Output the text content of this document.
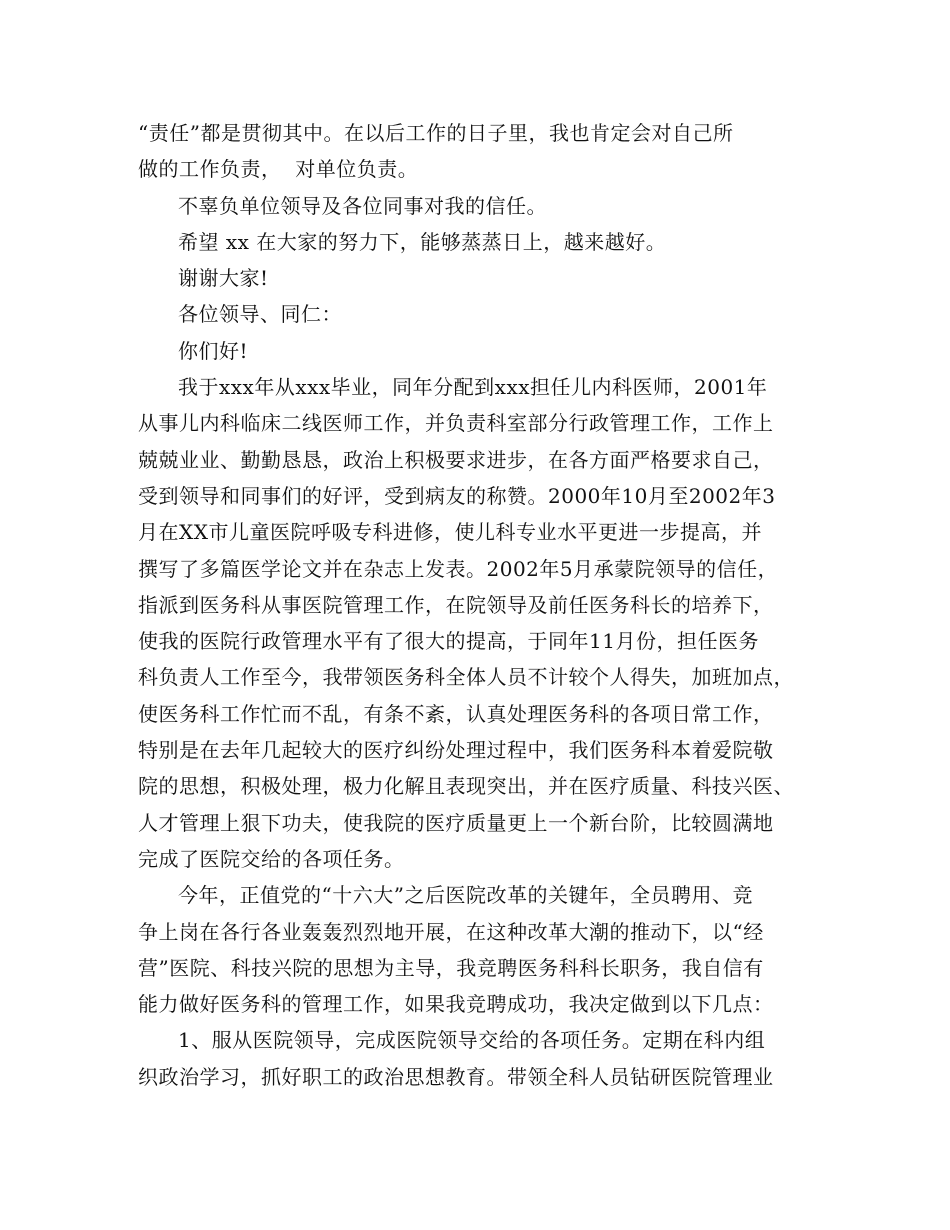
“责任”都是贯彻其中。在以后工作的日子里，我也肯定会对自己所
做的工作负责，  对单位负责。
不辜负单位领导及各位同事对我的信任。
希望 xx 在大家的努力下，能够蒸蒸日上，越来越好。
谢谢大家!
各位领导、同仁：
你们好!
我于xxx年从xxx毕业，同年分配到xxx担任儿内科医师，2001年
从事儿内科临床二线医师工作，并负责科室部分行政管理工作，工作上
兢兢业业、勤勤恳恳，政治上积极要求进步，在各方面严格要求自己，
受到领导和同事们的好评，受到病友的称赞。2000年10月至2002年3
月在XX市儿童医院呼吸专科进修，使儿科专业水平更进一步提高，并
撰写了多篇医学论文并在杂志上发表。2002年5月承蒙院领导的信任，
指派到医务科从事医院管理工作，在院领导及前任医务科长的培养下，
使我的医院行政管理水平有了很大的提高，于同年11月份，担任医务
科负责人工作至今，我带领医务科全体人员不计较个人得失，加班加点，
使医务科工作忙而不乱，有条不紊，认真处理医务科的各项日常工作，
特别是在去年几起较大的医疗纠纷处理过程中，我们医务科本着爱院敬
院的思想，积极处理，极力化解且表现突出，并在医疗质量、科技兴医、
人才管理上狠下功夫，使我院的医疗质量更上一个新台阶，比较圆满地
完成了医院交给的各项任务。
今年，正值党的“十六大”之后医院改革的关键年，全员聘用、竞
争上岗在各行各业轰轰烈烈地开展，在这种改革大潮的推动下，以“经
营”医院、科技兴院的思想为主导，我竞聘医务科科长职务，我自信有
能力做好医务科的管理工作，如果我竞聘成功，我决定做到以下几点：
1、服从医院领导，完成医院领导交给的各项任务。定期在科内组
织政治学习，抓好职工的政治思想教育。带领全科人员钻研医院管理业
